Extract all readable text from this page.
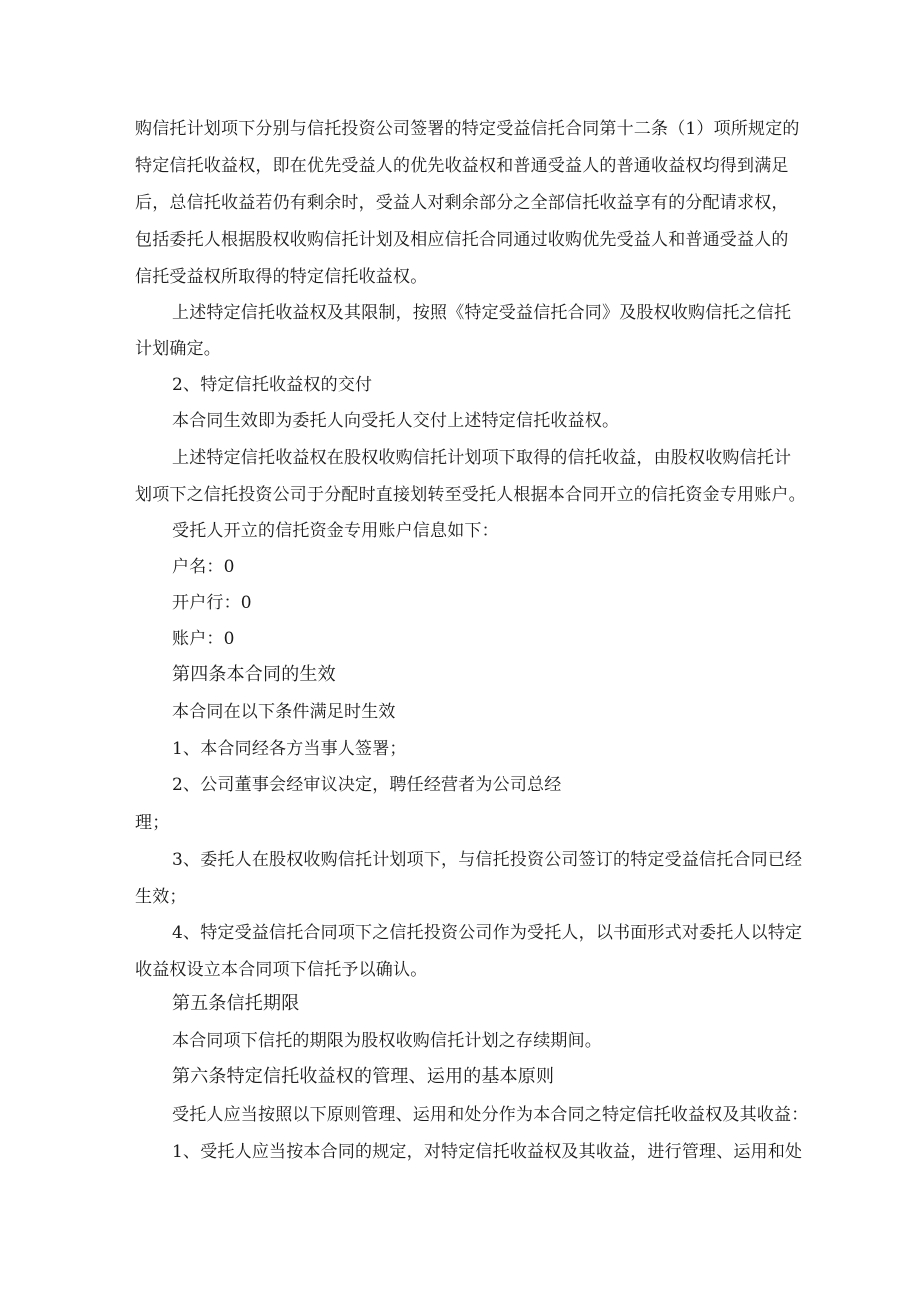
购信托计划项下分别与信托投资公司签署的特定受益信托合同第十二条（1）项所规定的
特定信托收益权，即在优先受益人的优先收益权和普通受益人的普通收益权均得到满足
后，总信托收益若仍有剩余时，受益人对剩余部分之全部信托收益享有的分配请求权，
包括委托人根据股权收购信托计划及相应信托合同通过收购优先受益人和普通受益人的
信托受益权所取得的特定信托收益权。
上述特定信托收益权及其限制，按照《特定受益信托合同》及股权收购信托之信托
计划确定。
2、特定信托收益权的交付
本合同生效即为委托人向受托人交付上述特定信托收益权。
上述特定信托收益权在股权收购信托计划项下取得的信托收益，由股权收购信托计
划项下之信托投资公司于分配时直接划转至受托人根据本合同开立的信托资金专用账户。
受托人开立的信托资金专用账户信息如下：
户名：0
开户行：0
账户：0
第四条本合同的生效
本合同在以下条件满足时生效
1、本合同经各方当事人签署；
2、公司董事会经审议决定，聘任经营者为公司总经
理；
3、委托人在股权收购信托计划项下，与信托投资公司签订的特定受益信托合同已经
生效；
4、特定受益信托合同项下之信托投资公司作为受托人，以书面形式对委托人以特定
收益权设立本合同项下信托予以确认。
第五条信托期限
本合同项下信托的期限为股权收购信托计划之存续期间。
第六条特定信托收益权的管理、运用的基本原则
受托人应当按照以下原则管理、运用和处分作为本合同之特定信托收益权及其收益：
1、受托人应当按本合同的规定，对特定信托收益权及其收益，进行管理、运用和处
